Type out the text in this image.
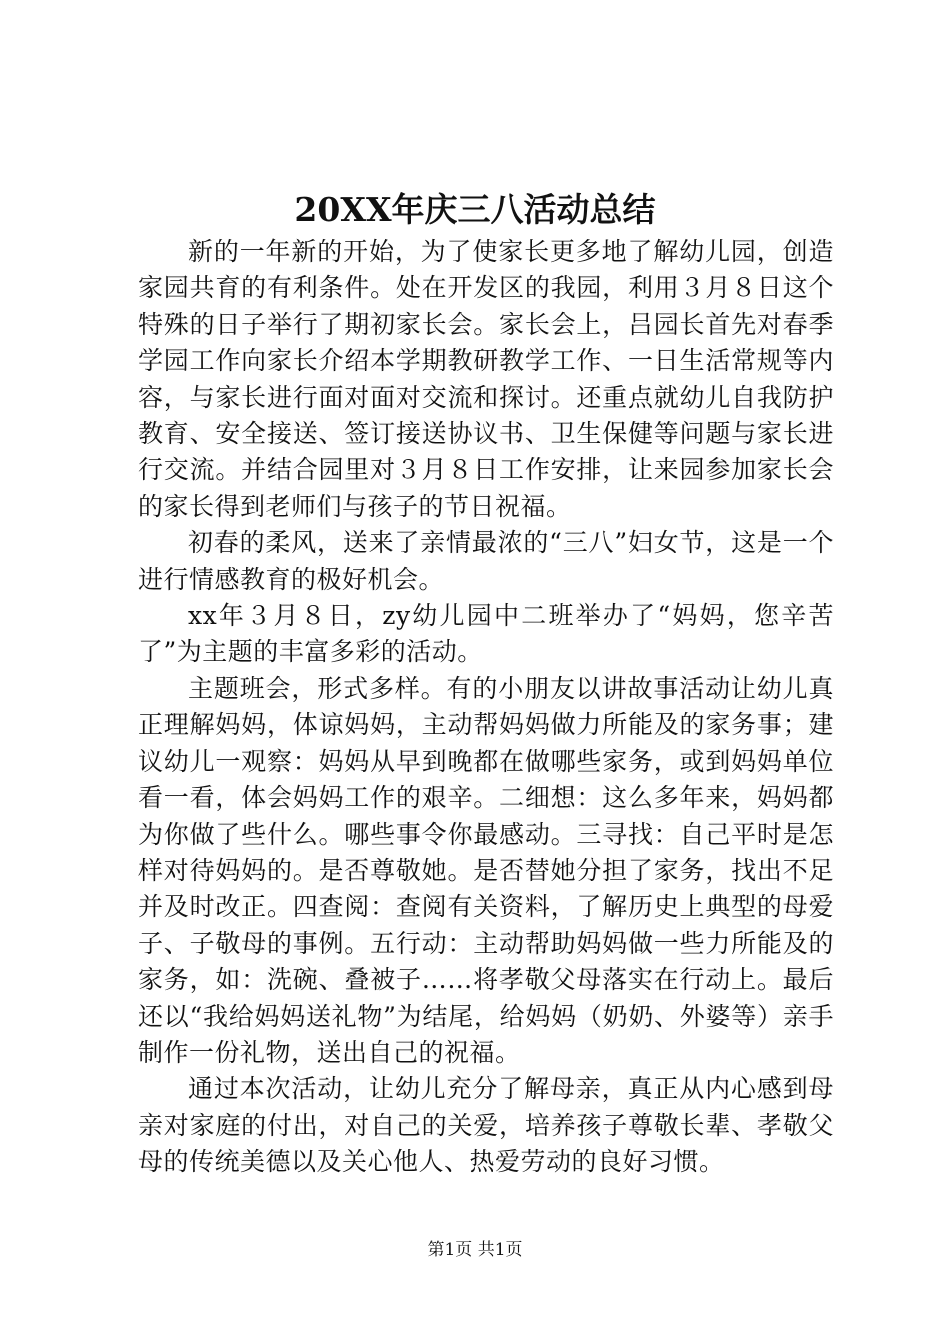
20XX年庆三八活动总结

新的一年新的开始，为了使家长更多地了解幼儿园，创造家园共育的有利条件。处在开发区的我园，利用３月８日这个特殊的日子举行了期初家长会。家长会上，吕园长首先对春季学园工作向家长介绍本学期教研教学工作、一日生活常规等内容，与家长进行面对面对交流和探讨。还重点就幼儿自我防护教育、安全接送、签订接送协议书、卫生保健等问题与家长进行交流。并结合园里对３月８日工作安排，让来园参加家长会的家长得到老师们与孩子的节日祝福。

初春的柔风，送来了亲情最浓的“三八”妇女节，这是一个进行情感教育的极好机会。

xx年３月８日，zy幼儿园中二班举办了“妈妈，您辛苦了”为主题的丰富多彩的活动。

主题班会，形式多样。有的小朋友以讲故事活动让幼儿真正理解妈妈，体谅妈妈，主动帮妈妈做力所能及的家务事；建议幼儿一观察：妈妈从早到晚都在做哪些家务，或到妈妈单位看一看，体会妈妈工作的艰辛。二细想：这么多年来，妈妈都为你做了些什么。哪些事令你最感动。三寻找：自己平时是怎样对待妈妈的。是否尊敬她。是否替她分担了家务，找出不足并及时改正。四查阅：查阅有关资料，了解历史上典型的母爱子、子敬母的事例。五行动：主动帮助妈妈做一些力所能及的家务，如：洗碗、叠被子……将孝敬父母落实在行动上。最后还以“我给妈妈送礼物”为结尾，给妈妈（奶奶、外婆等）亲手制作一份礼物，送出自己的祝福。

通过本次活动，让幼儿充分了解母亲，真正从内心感到母亲对家庭的付出，对自己的关爱，培养孩子尊敬长辈、孝敬父母的传统美德以及关心他人、热爱劳动的良好习惯。

第1页 共1页
